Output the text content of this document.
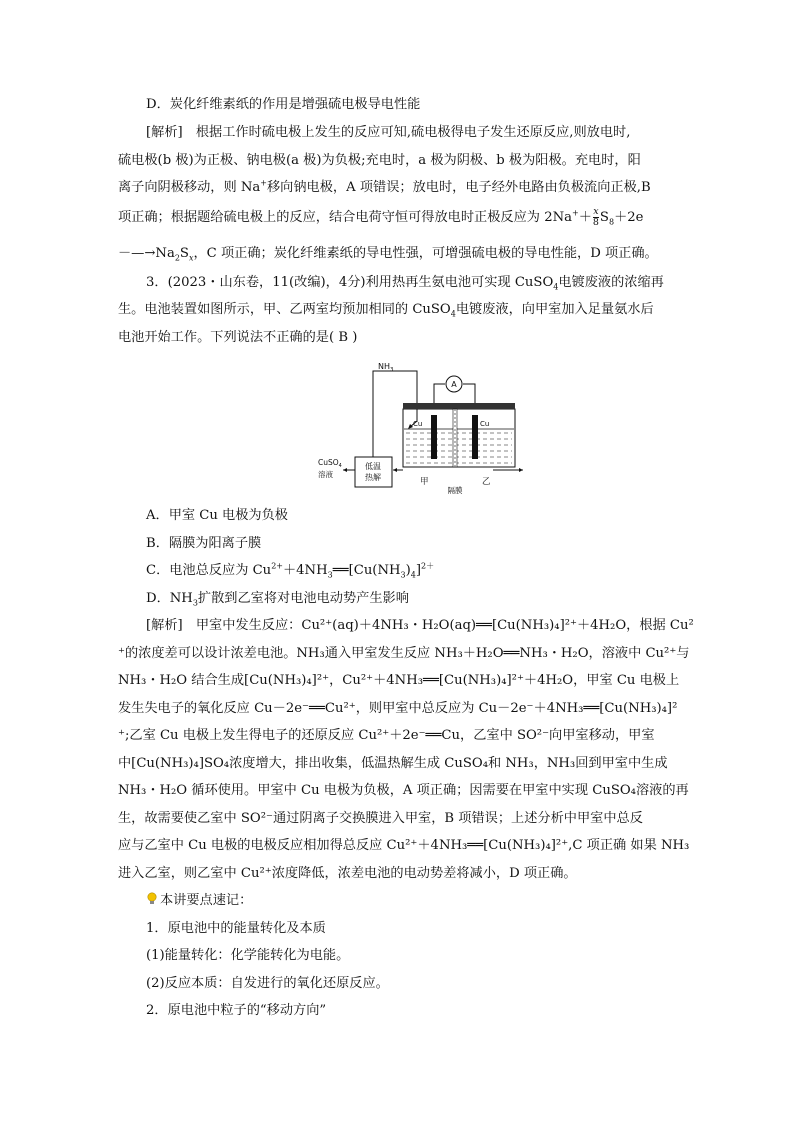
D．炭化纤维素纸的作用是增强硫电极导电性能
[解析]　根据工作时硫电极上发生的反应可知,硫电极得电子发生还原反应,则放电时,
硫电极(b 极)为正极、钠电极(a 极)为负极;充电时，a 极为阴极、b 极为阳极。充电时，阳
离子向阴极移动，则 Na+移向钠电极，A 项错误；放电时，电子经外电路由负极流向正极,B
项正确；根据题给硫电极上的反应，结合电荷守恒可得放电时正极反应为 $2Na^++ \frac{x}{8} S_8+2e$
$-—\to Na_2S_x$，C 项正确；炭化纤维素纸的导电性强，可增强硫电极的导电性能，D 项正确。
3．(2023・山东卷，11(改编)，4分)利用热再生氨电池可实现 CuSO$_4$电镀废液的浓缩再
生。电池装置如图所示，甲、乙两室均预加相同的 CuSO$_4$电镀废液，向甲室加入足量氨水后
电池开始工作。下列说法不正确的是( B )
$NH_3$
低温
热解
CuSO$_4$
溶液
Cu	Cu
A
甲	乙
隔膜
A．甲室 Cu 电极为负极
B．隔膜为阳离子膜
C．电池总反应为 $Cu^{2+}+4NH_3══[Cu(NH_3)_4]^{2+}$
D．$NH_3$扩散到乙室将对电池电动势产生影响
[解析]　甲室中发生反应：Cu²⁺(aq)＋4NH₃・H₂O(aq)══[Cu(NH₃)₄]²⁺＋4H₂O，根据 Cu²
⁺的浓度差可以设计浓差电池。NH₃通入甲室发生反应 NH₃＋H₂O══NH₃・H₂O，溶液中 Cu²⁺与
NH₃・H₂O 结合生成[Cu(NH₃)₄]²⁺，Cu²⁺＋4NH₃══[Cu(NH₃)₄]²⁺＋4H₂O，甲室 Cu 电极上
发生失电子的氧化反应 Cu－2e⁻══Cu²⁺，则甲室中总反应为 Cu－2e⁻＋4NH₃══[Cu(NH₃)₄]²
⁺;乙室 Cu 电极上发生得电子的还原反应 Cu²⁺＋2e⁻══Cu，乙室中 SO²⁻向甲室移动，甲室
中[Cu(NH₃)₄]SO₄浓度增大，排出收集，低温热解生成 CuSO₄和 NH₃，NH₃回到甲室中生成
NH₃・H₂O 循环使用。甲室中 Cu 电极为负极，A 项正确；因需要在甲室中实现 CuSO₄溶液的再
生，故需要使乙室中 SO²⁻通过阴离子交换膜进入甲室，B 项错误；上述分析中甲室中总反
应与乙室中 Cu 电极的电极反应相加得总反应 Cu²⁺＋4NH₃══[Cu(NH₃)₄]²⁺,C 项正确 如果 NH₃
进入乙室，则乙室中 Cu²⁺浓度降低，浓差电池的电动势差将减小，D 项正确。
本讲要点速记：
1．原电池中的能量转化及本质
(1)能量转化：化学能转化为电能。
(2)反应本质：自发进行的氧化还原反应。
2．原电池中粒子的“移动方向”
